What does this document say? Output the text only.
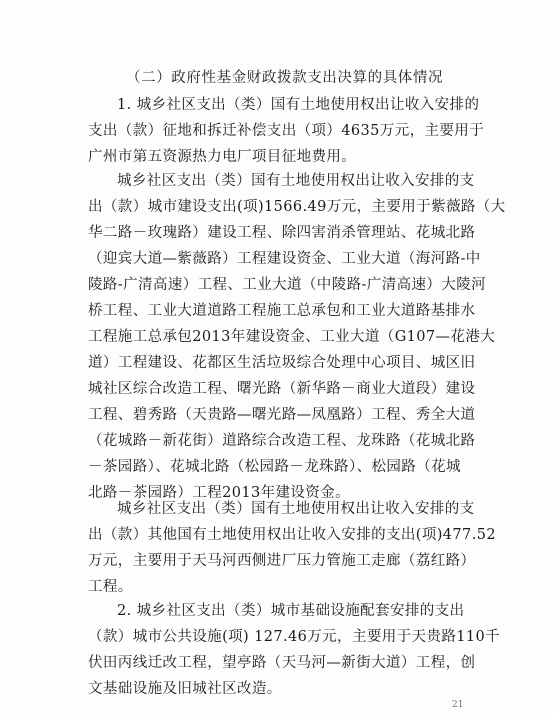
（二）政府性基金财政拨款支出决算的具体情况
1. 城乡社区支出（类）国有土地使用权出让收入安排的
支出（款）征地和拆迁补偿支出（项）4635万元，主要用于
广州市第五资源热力电厂项目征地费用。
城乡社区支出（类）国有土地使用权出让收入安排的支
出（款）城市建设支出(项)1566.49万元，主要用于紫薇路（大
华二路－玫瑰路）建设工程、除四害消杀管理站、花城北路
（迎宾大道—紫薇路）工程建设资金、工业大道（海河路-中
陵路-广清高速）工程、工业大道（中陵路-广清高速）大陵河
桥工程、工业大道道路工程施工总承包和工业大道路基排水
工程施工总承包2013年建设资金、工业大道（G107—花港大
道）工程建设、花都区生活垃圾综合处理中心项目、城区旧
城社区综合改造工程、曙光路（新华路－商业大道段）建设
工程、碧秀路（天贵路—曙光路—凤凰路）工程、秀全大道
（花城路－新花街）道路综合改造工程、龙珠路（花城北路
－茶园路）、花城北路（松园路－龙珠路）、松园路（花城
北路－茶园路）工程2013年建设资金。
城乡社区支出（类）国有土地使用权出让收入安排的支
出（款）其他国有土地使用权出让收入安排的支出(项)477.52
万元，主要用于天马河西侧进厂压力管施工走廊（荔红路）
工程。
2. 城乡社区支出（类）城市基础设施配套安排的支出
（款）城市公共设施(项) 127.46万元，主要用于天贵路110千
伏田丙线迁改工程，望亭路（天马河—新街大道）工程，创
文基础设施及旧城社区改造。
21
